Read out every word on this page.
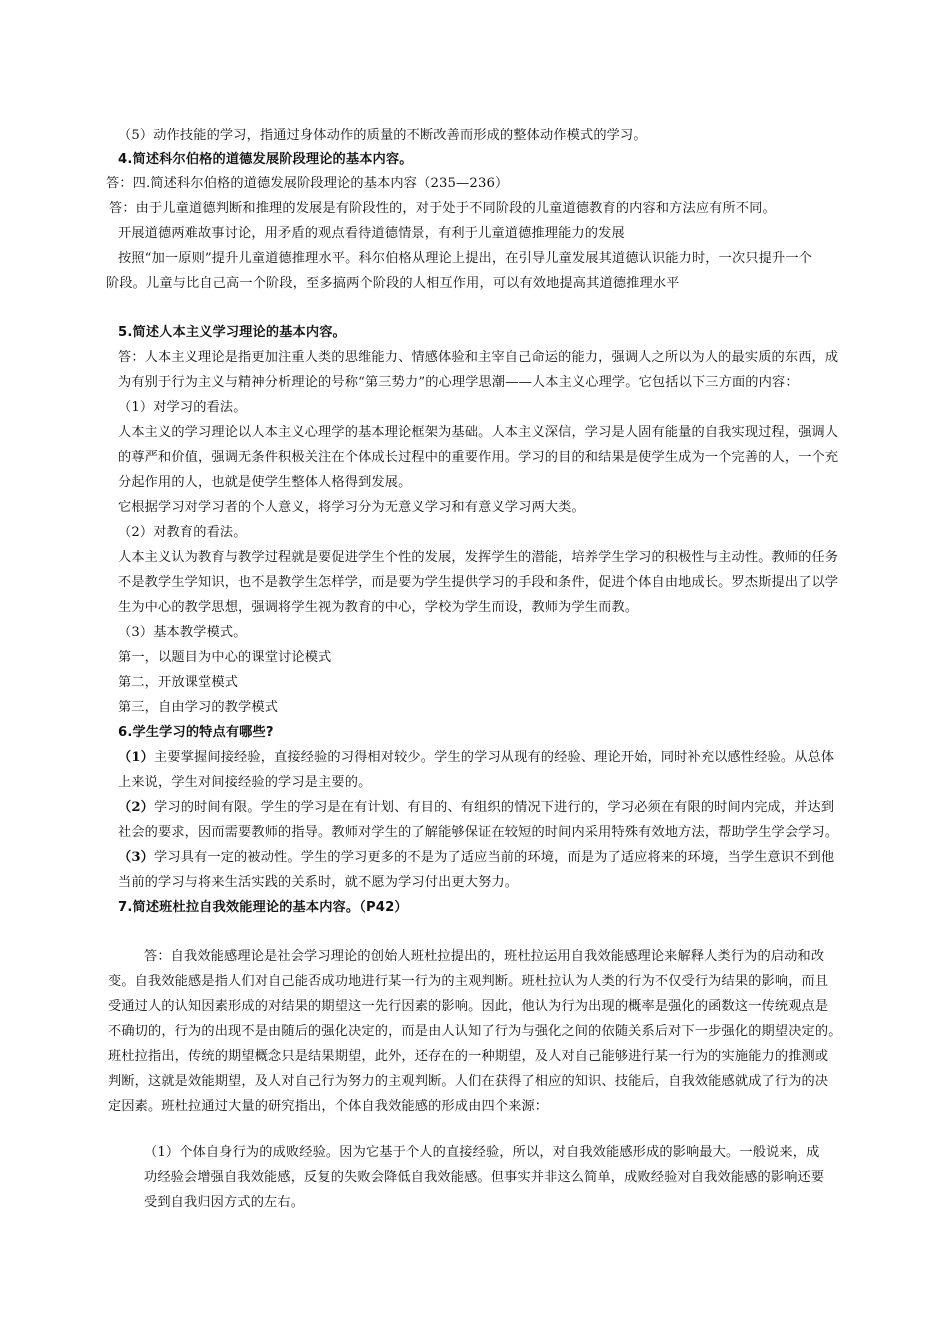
（5）动作技能的学习，指通过身体动作的质量的不断改善而形成的整体动作模式的学习。
4.简述科尔伯格的道德发展阶段理论的基本内容。
答：四.简述科尔伯格的道德发展阶段理论的基本内容（235—236）
答：由于儿童道德判断和推理的发展是有阶段性的，对于处于不同阶段的儿童道德教育的内容和方法应有所不同。
开展道德两难故事讨论，用矛盾的观点看待道德情景，有利于儿童道德推理能力的发展
按照“加一原则”提升儿童道德推理水平。科尔伯格从理论上提出，在引导儿童发展其道德认识能力时，一次只提升一个
阶段。儿童与比自己高一个阶段，至多搞两个阶段的人相互作用，可以有效地提高其道德推理水平
5.简述人本主义学习理论的基本内容。
答：人本主义理论是指更加注重人类的思维能力、情感体验和主宰自己命运的能力，强调人之所以为人的最实质的东西，成
为有别于行为主义与精神分析理论的号称“第三势力”的心理学思潮——人本主义心理学。它包括以下三方面的内容：
（1）对学习的看法。
人本主义的学习理论以人本主义心理学的基本理论框架为基础。人本主义深信，学习是人固有能量的自我实现过程，强调人
的尊严和价值，强调无条件积极关注在个体成长过程中的重要作用。学习的目的和结果是使学生成为一个完善的人，一个充
分起作用的人，也就是使学生整体人格得到发展。
它根据学习对学习者的个人意义，将学习分为无意义学习和有意义学习两大类。
（2）对教育的看法。
人本主义认为教育与教学过程就是要促进学生个性的发展，发挥学生的潜能，培养学生学习的积极性与主动性。教师的任务
不是教学生学知识，也不是教学生怎样学，而是要为学生提供学习的手段和条件，促进个体自由地成长。罗杰斯提出了以学
生为中心的教学思想，强调将学生视为教育的中心，学校为学生而设，教师为学生而教。
（3）基本教学模式。
第一，以题目为中心的课堂讨论模式
第二，开放课堂模式
第三，自由学习的教学模式
6.学生学习的特点有哪些?
（1）主要掌握间接经验，直接经验的习得相对较少。学生的学习从现有的经验、理论开始，同时补充以感性经验。从总体
上来说，学生对间接经验的学习是主要的。
（2）学习的时间有限。学生的学习是在有计划、有目的、有组织的情况下进行的，学习必须在有限的时间内完成，并达到
社会的要求，因而需要教师的指导。教师对学生的了解能够保证在较短的时间内采用特殊有效地方法，帮助学生学会学习。
（3）学习具有一定的被动性。学生的学习更多的不是为了适应当前的环境，而是为了适应将来的环境，当学生意识不到他
当前的学习与将来生活实践的关系时，就不愿为学习付出更大努力。
7.简述班杜拉自我效能理论的基本内容。（P42）
答：自我效能感理论是社会学习理论的创始人班杜拉提出的，班杜拉运用自我效能感理论来解释人类行为的启动和改
变。自我效能感是指人们对自己能否成功地进行某一行为的主观判断。班杜拉认为人类的行为不仅受行为结果的影响，而且
受通过人的认知因素形成的对结果的期望这一先行因素的影响。因此，他认为行为出现的概率是强化的函数这一传统观点是
不确切的，行为的出现不是由随后的强化决定的，而是由人认知了行为与强化之间的依随关系后对下一步强化的期望决定的。
班杜拉指出，传统的期望概念只是结果期望，此外，还存在的一种期望，及人对自己能够进行某一行为的实施能力的推测或
判断，这就是效能期望，及人对自己行为努力的主观判断。人们在获得了相应的知识、技能后，自我效能感就成了行为的决
定因素。班杜拉通过大量的研究指出，个体自我效能感的形成由四个来源：
（1）个体自身行为的成败经验。因为它基于个人的直接经验，所以，对自我效能感形成的影响最大。一般说来，成
功经验会增强自我效能感，反复的失败会降低自我效能感。但事实并非这么简单，成败经验对自我效能感的影响还要
受到自我归因方式的左右。
